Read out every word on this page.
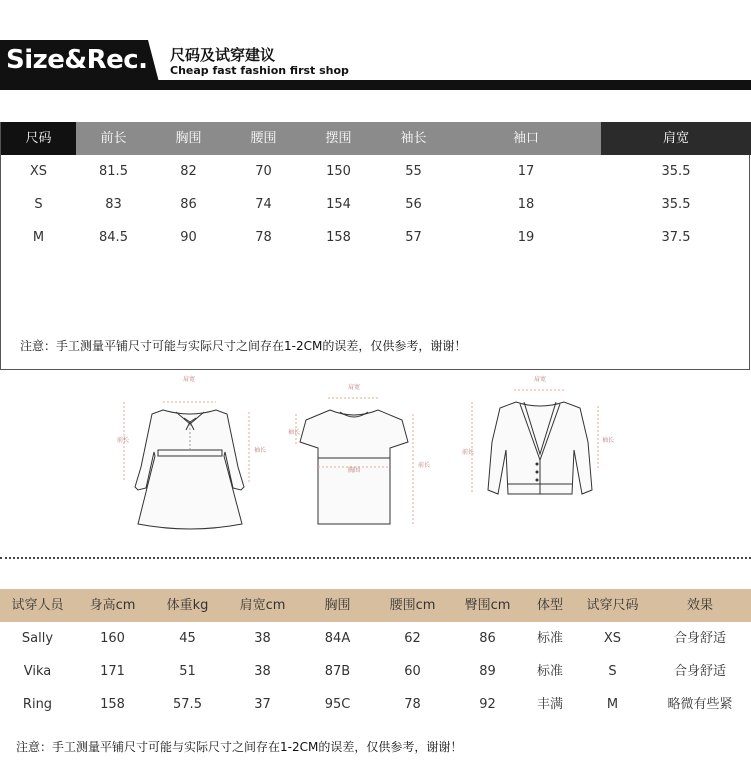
Size&Rec. 尺码及试穿建议
Cheap fast fashion first shop
尺码	前长	胸围	腰围	摆围	袖长	袖口	肩宽
XS	81.5	82	70	150	55	17	35.5
S	83	86	74	154	56	18	35.5
M	84.5	90	78	158	57	19	37.5
注意：手工测量平铺尺寸可能与实际尺寸之间存在1-2CM的误差，仅供参考，谢谢！
肩宽
前长
袖长
肩宽
袖长
胸围
前长
肩宽
前长
袖长
试穿人员	身高cm	体重kg	肩宽cm	胸围	腰围cm	臀围cm	体型	试穿尺码	效果
Sally	160	45	38	84A	62	86	标准	XS	合身舒适
Vika	171	51	38	87B	60	89	标准	S	合身舒适
Ring	158	57.5	37	95C	78	92	丰满	M	略微有些紧
注意：手工测量平铺尺寸可能与实际尺寸之间存在1-2CM的误差，仅供参考，谢谢！
